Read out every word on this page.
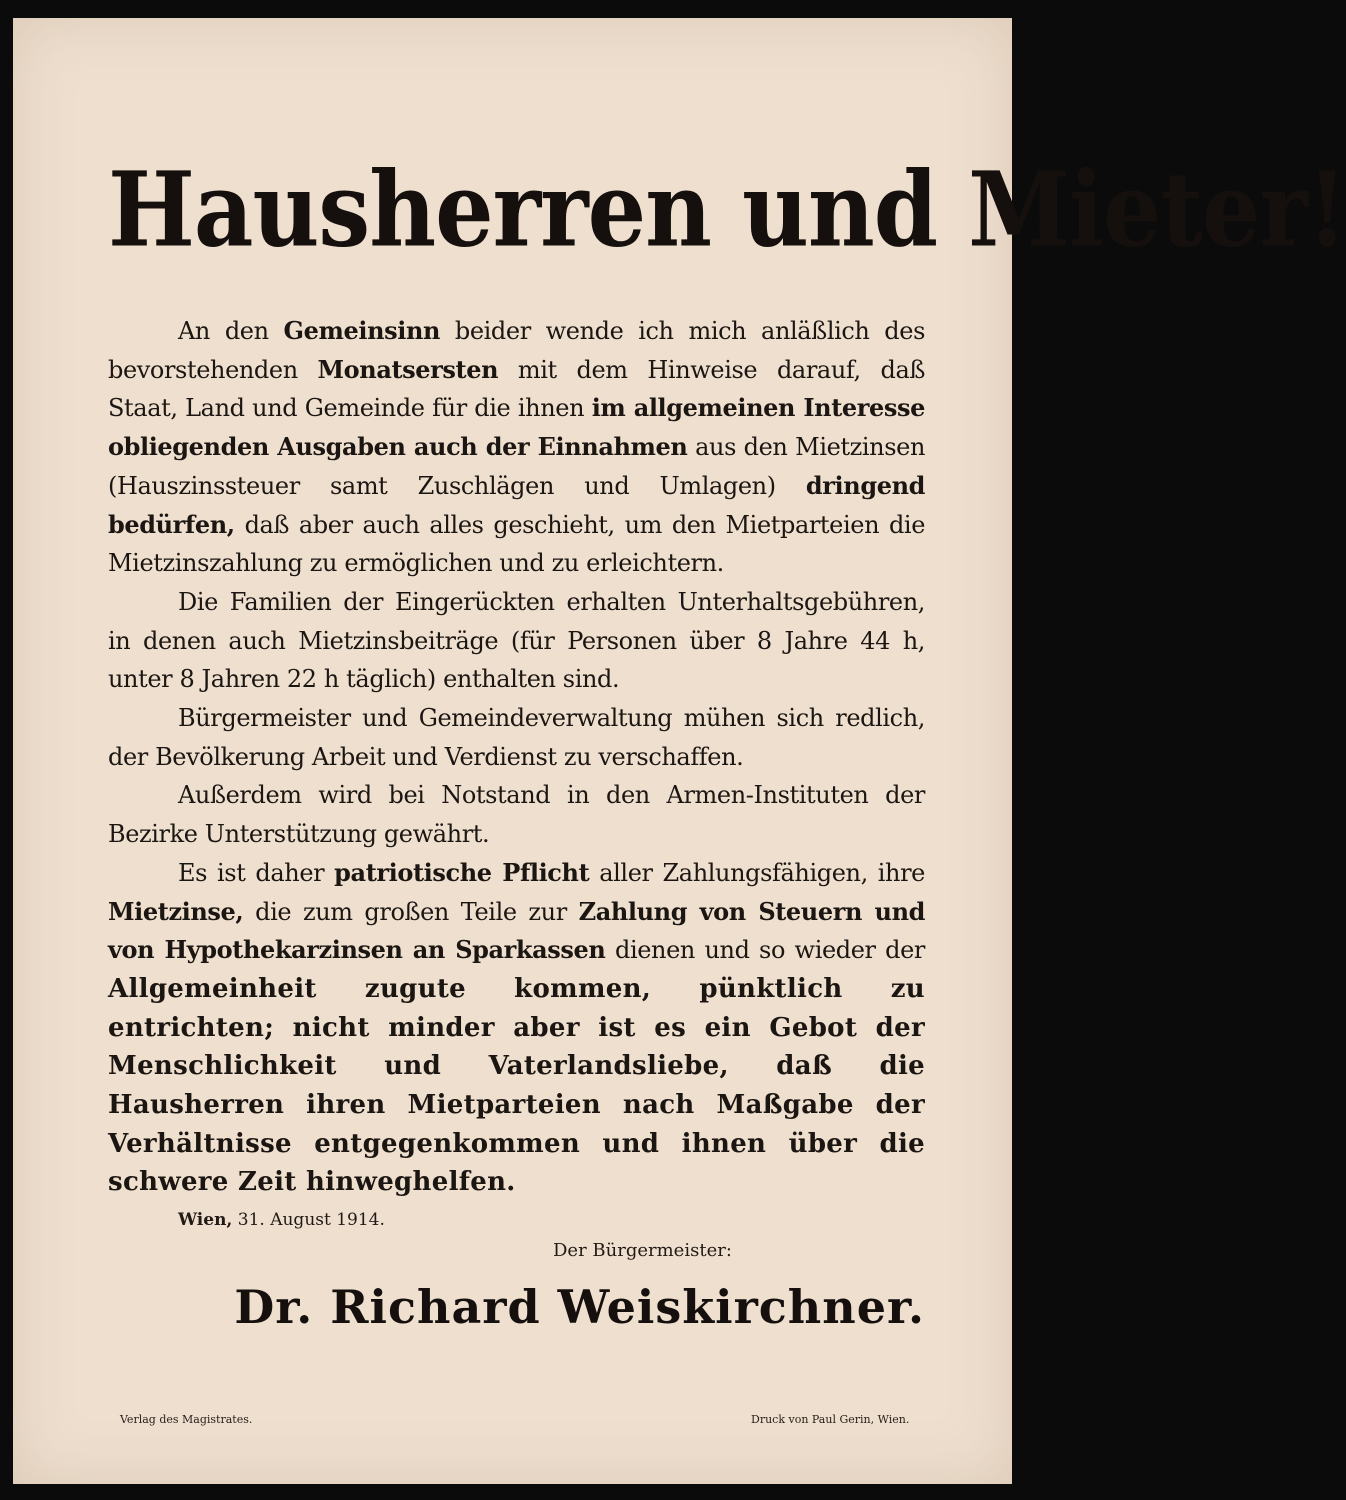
Hausherren und Mieter!

An den Gemeinsinn beider wende ich mich anläßlich des bevorstehenden Monatsersten mit dem Hinweise darauf, daß Staat, Land und Gemeinde für die ihnen im allgemeinen Interesse obliegenden Ausgaben auch der Einnahmen aus den Mietzinsen (Hauszinssteuer samt Zuschlägen und Umlagen) dringend bedürfen, daß aber auch alles geschieht, um den Mietparteien die Mietzinszahlung zu ermöglichen und zu erleichtern.

Die Familien der Eingerückten erhalten Unterhaltsgebühren, in denen auch Mietzinsbeiträge (für Personen über 8 Jahre 44 h, unter 8 Jahren 22 h täglich) enthalten sind.

Bürgermeister und Gemeindeverwaltung mühen sich redlich, der Bevölkerung Arbeit und Verdienst zu verschaffen.

Außerdem wird bei Notstand in den Armen-Instituten der Bezirke Unterstützung gewährt.

Es ist daher patriotische Pflicht aller Zahlungsfähigen, ihre Mietzinse, die zum großen Teile zur Zahlung von Steuern und von Hypothekarzinsen an Sparkassen dienen und so wieder der Allgemeinheit zugute kommen, pünktlich zu entrichten; nicht minder aber ist es ein Gebot der Menschlichkeit und Vaterlandsliebe, daß die Hausherren ihren Mietparteien nach Maßgabe der Verhältnisse entgegenkommen und ihnen über die schwere Zeit hinweghelfen.

Wien, 31. August 1914.
Der Bürgermeister:
Dr. Richard Weiskirchner.
Verlag des Magistrates.	Druck von Paul Gerin, Wien.
